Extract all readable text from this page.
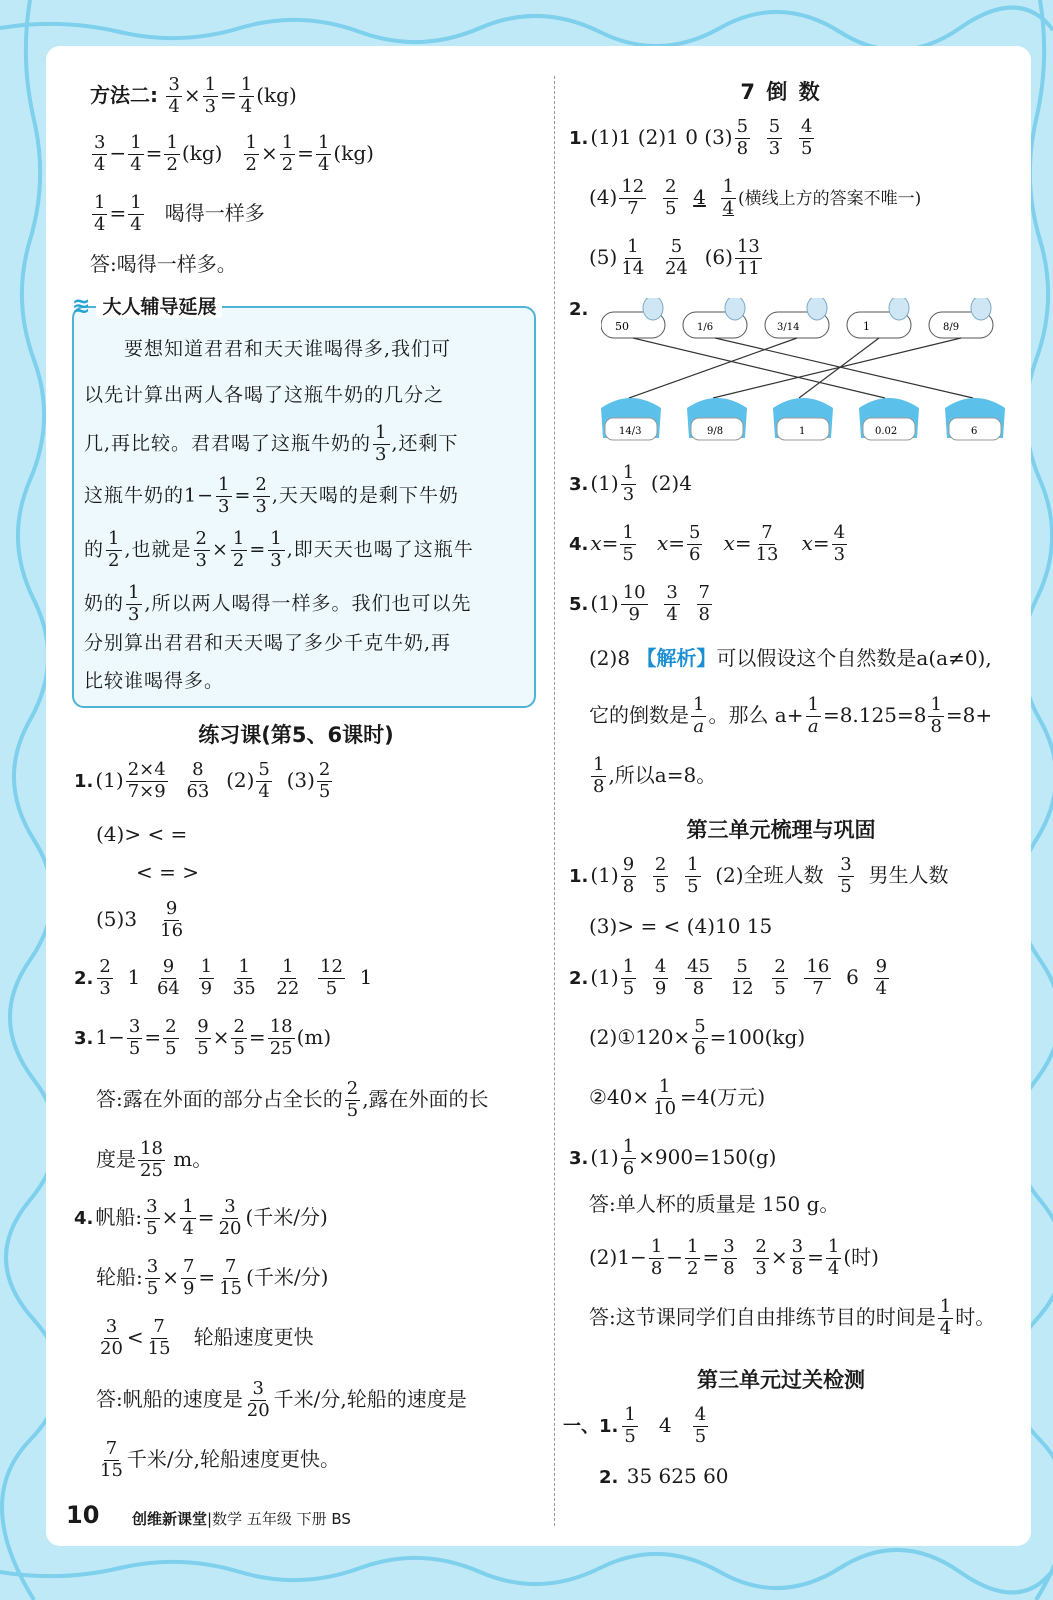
方法二: $\frac{3}{4} \times \frac{1}{3} = \frac{1}{4} (kg)$
$\frac{3}{4} - \frac{1}{4} = \frac{1}{2} (kg) \frac{1}{2} \times \frac{1}{2} = \frac{1}{4} (kg)$
$\frac{1}{4} = \frac{1}{4}$ 喝得一样多
答:喝得一样多。
要想知道君君和天天谁喝得多,我们可
以先计算出两人各喝了这瓶牛奶的几分之
几,再比较。君君喝了这瓶牛奶的 $\frac{1}{3}$ ,还剩下
这瓶牛奶的$1- \frac{1}{3} = \frac{2}{3}$ ,天天喝的是剩下牛奶
的 $\frac{1}{2}$ ,也就是 $\frac{2}{3} \times \frac{1}{2} = \frac{1}{3}$ ,即天天也喝了这瓶牛
奶的 $\frac{1}{3}$ ,所以两人喝得一样多。我们也可以先
分别算出君君和天天喝了多少千克牛奶,再
比较谁喝得多。
≋ 大人辅导延展
练习课(第5、6课时)
1. $(1) \frac{2\times 4}{7\times 9}$
$\frac{8}{63} (2) \frac{5}{4} (3) \frac{2}{5}$
(4)> < =
< = >
$(5)3 \frac{9}{16}$
2. $\frac{2}{3} 1 \frac{9}{64}$
$\frac{1}{9}$
$\frac{1}{35}$
$\frac{1}{22}$
$\frac{12}{5} 1$
3. $1- \frac{3}{5} = \frac{2}{5}$
$\frac{9}{5} \times \frac{2}{5} = \frac{18}{25} (m)$
答:露在外面的部分占全长的 $\frac{2}{5}$ ,露在外面的长
度是 $\frac{18}{25}$ m。
4. 帆船: $\frac{3}{5} \times \frac{1}{4} = \frac{3}{20}$ (千米/分)
轮船: $\frac{3}{5} \times \frac{7}{9} = \frac{7}{15}$ (千米/分)
$\frac{3}{20} < \frac{7}{15}$ 轮船速度更快
答:帆船的速度是 $\frac{3}{20}$ 千米/分,轮船的速度是
$\frac{7}{15}$ 千米/分,轮船速度更快。
10 创维新课堂|数学 五年级 下册 BS
7 倒 数
1. (1)1 (2)1 0 $(3) \frac{5}{8}$
$\frac{5}{3}$
$\frac{4}{5}$
$(4) \frac{12}{7}$
$\frac{2}{5} 4 \frac{1}{4}$ (横线上方的答案不唯一)
$(5) \frac{1}{14}$
$\frac{5}{24} (6) \frac{13}{11}$
2.
50	1/6	3/14	1	8/9
14/3	9/8	1	0.02	6
3. $(1) \frac{1}{3} (2)4$
4. $x= \frac{1}{5} x= \frac{5}{6} x= \frac{7}{13} x= \frac{4}{3}$
5. $(1) \frac{10}{9}$
$\frac{3}{4}$
$\frac{7}{8}$
(2)8 【解析】可以假设这个自然数是a(a≠0),
它的倒数是 $\frac{1}{a}$ 。那么 $a+ \frac{1}{a} =8.125=8 \frac{1}{8} =8+$
$\frac{1}{8}$ ,所以a=8。
第三单元梳理与巩固
1. $(1) \frac{9}{8}$
$\frac{2}{5}$
$\frac{1}{5} (2)$全班人数 $\frac{3}{5}$ 男生人数
(3)> = < (4)10 15
2. $(1) \frac{1}{5}$
$\frac{4}{9}$
$\frac{45}{8}$
$\frac{5}{12}$
$\frac{2}{5}$
$\frac{16}{7} 6 \frac{9}{4}$
(2)①120× $\frac{5}{6} =100(kg)$
②40× $\frac{1}{10} =4$(万元)
3. $(1) \frac{1}{6} \times 900=150(g)$
答:单人杯的质量是 150 g。
$(2)1- \frac{1}{8} - \frac{1}{2} = \frac{3}{8}$
$\frac{2}{3} \times \frac{3}{8} = \frac{1}{4}$ (时)
答:这节课同学们自由排练节目的时间是 $\frac{1}{4}$ 时。
第三单元过关检测
一、1. $\frac{1}{5} 4 \frac{4}{5}$
2. 35 625 60
